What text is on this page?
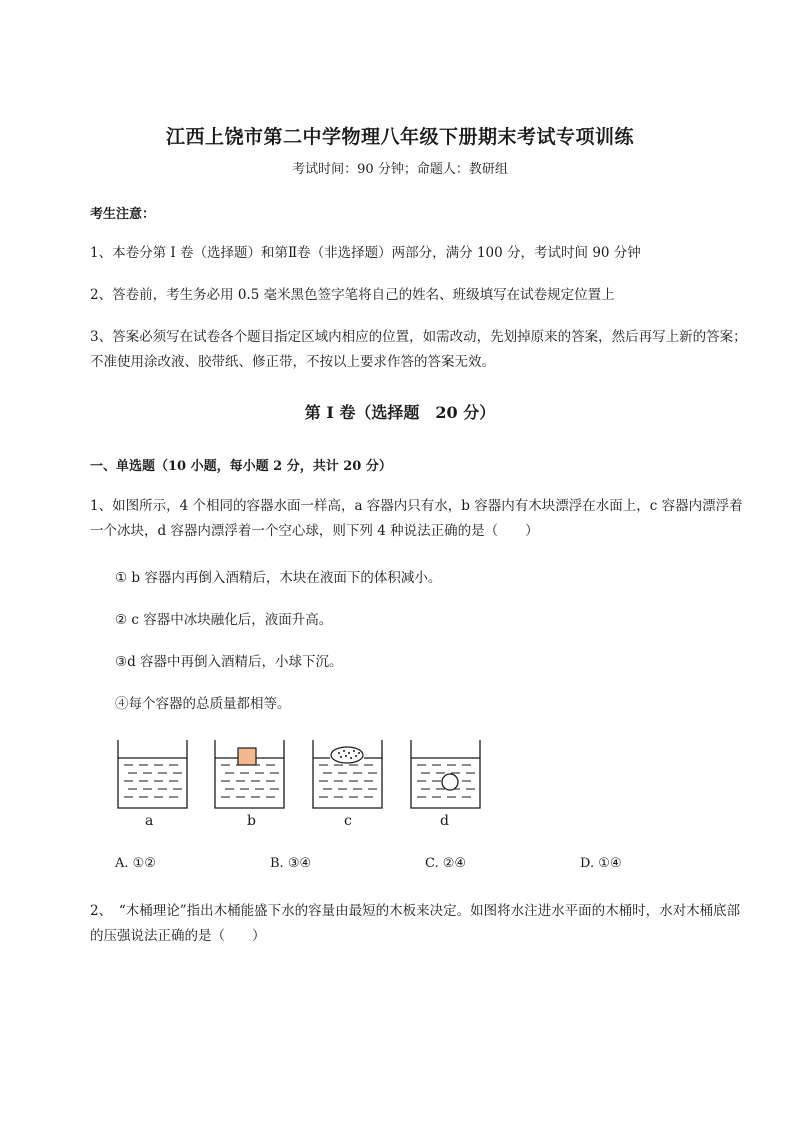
江西上饶市第二中学物理八年级下册期末考试专项训练
考试时间：90 分钟；命题人：教研组
考生注意：
1、本卷分第 I 卷（选择题）和第Ⅱ卷（非选择题）两部分，满分 100 分，考试时间 90 分钟
2、答卷前，考生务必用 0.5 毫米黑色签字笔将自己的姓名、班级填写在试卷规定位置上
3、答案必须写在试卷各个题目指定区域内相应的位置，如需改动，先划掉原来的答案，然后再写上新的答案；不准使用涂改液、胶带纸、修正带，不按以上要求作答的答案无效。
第 I 卷（选择题　20 分）
一、单选题（10 小题，每小题 2 分，共计 20 分）
1、如图所示，4 个相同的容器水面一样高，a 容器内只有水，b 容器内有木块漂浮在水面上，c 容器内漂浮着一个冰块，d 容器内漂浮着一个空心球，则下列 4 种说法正确的是（　　）
① b 容器内再倒入酒精后，木块在液面下的体积减小。
② c 容器中冰块融化后，液面升高。
③d 容器中再倒入酒精后，小球下沉。
④每个容器的总质量都相等。
a	b	c	d
A. ①②	B. ③④	C. ②④	D. ①④
2、　“木桶理论”指出木桶能盛下水的容量由最短的木板来决定。如图将水注进水平面的木桶时，水对木桶底部的压强说法正确的是（　　）
